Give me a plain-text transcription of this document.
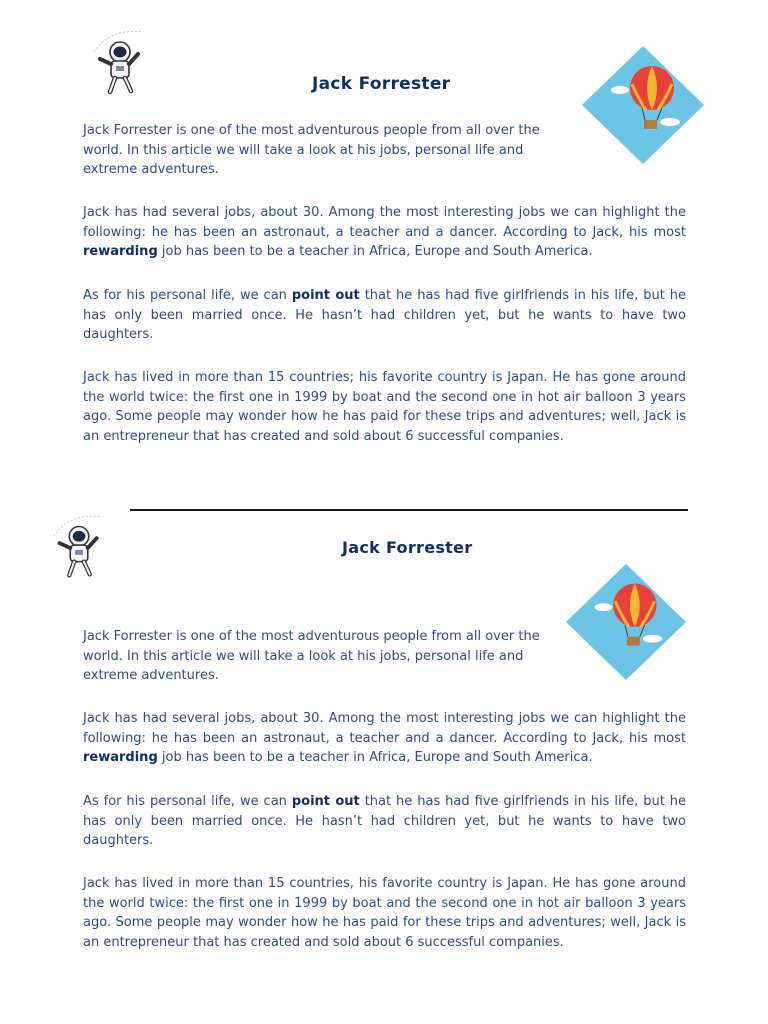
Jack Forrester

Jack Forrester is one of the most adventurous people from all over the world. In this article we will take a look at his jobs, personal life and extreme adventures.

Jack has had several jobs, about 30. Among the most interesting jobs we can highlight the following: he has been an astronaut, a teacher and a dancer. According to Jack, his most rewarding job has been to be a teacher in Africa, Europe and South America.

As for his personal life, we can point out that he has had five girlfriends in his life, but he has only been married once. He hasn’t had children yet, but he wants to have two daughters.

Jack has lived in more than 15 countries; his favorite country is Japan. He has gone around the world twice: the first one in 1999 by boat and the second one in hot air balloon 3 years ago. Some people may wonder how he has paid for these trips and adventures; well, Jack is an entrepreneur that has created and sold about 6 successful companies.

Jack Forrester

Jack Forrester is one of the most adventurous people from all over the world. In this article we will take a look at his jobs, personal life and extreme adventures.

Jack has had several jobs, about 30. Among the most interesting jobs we can highlight the following: he has been an astronaut, a teacher and a dancer. According to Jack, his most rewarding job has been to be a teacher in Africa, Europe and South America.

As for his personal life, we can point out that he has had five girlfriends in his life, but he has only been married once. He hasn’t had children yet, but he wants to have two daughters.

Jack has lived in more than 15 countries, his favorite country is Japan. He has gone around the world twice: the first one in 1999 by boat and the second one in hot air balloon 3 years ago. Some people may wonder how he has paid for these trips and adventures; well, Jack is an entrepreneur that has created and sold about 6 successful companies.
